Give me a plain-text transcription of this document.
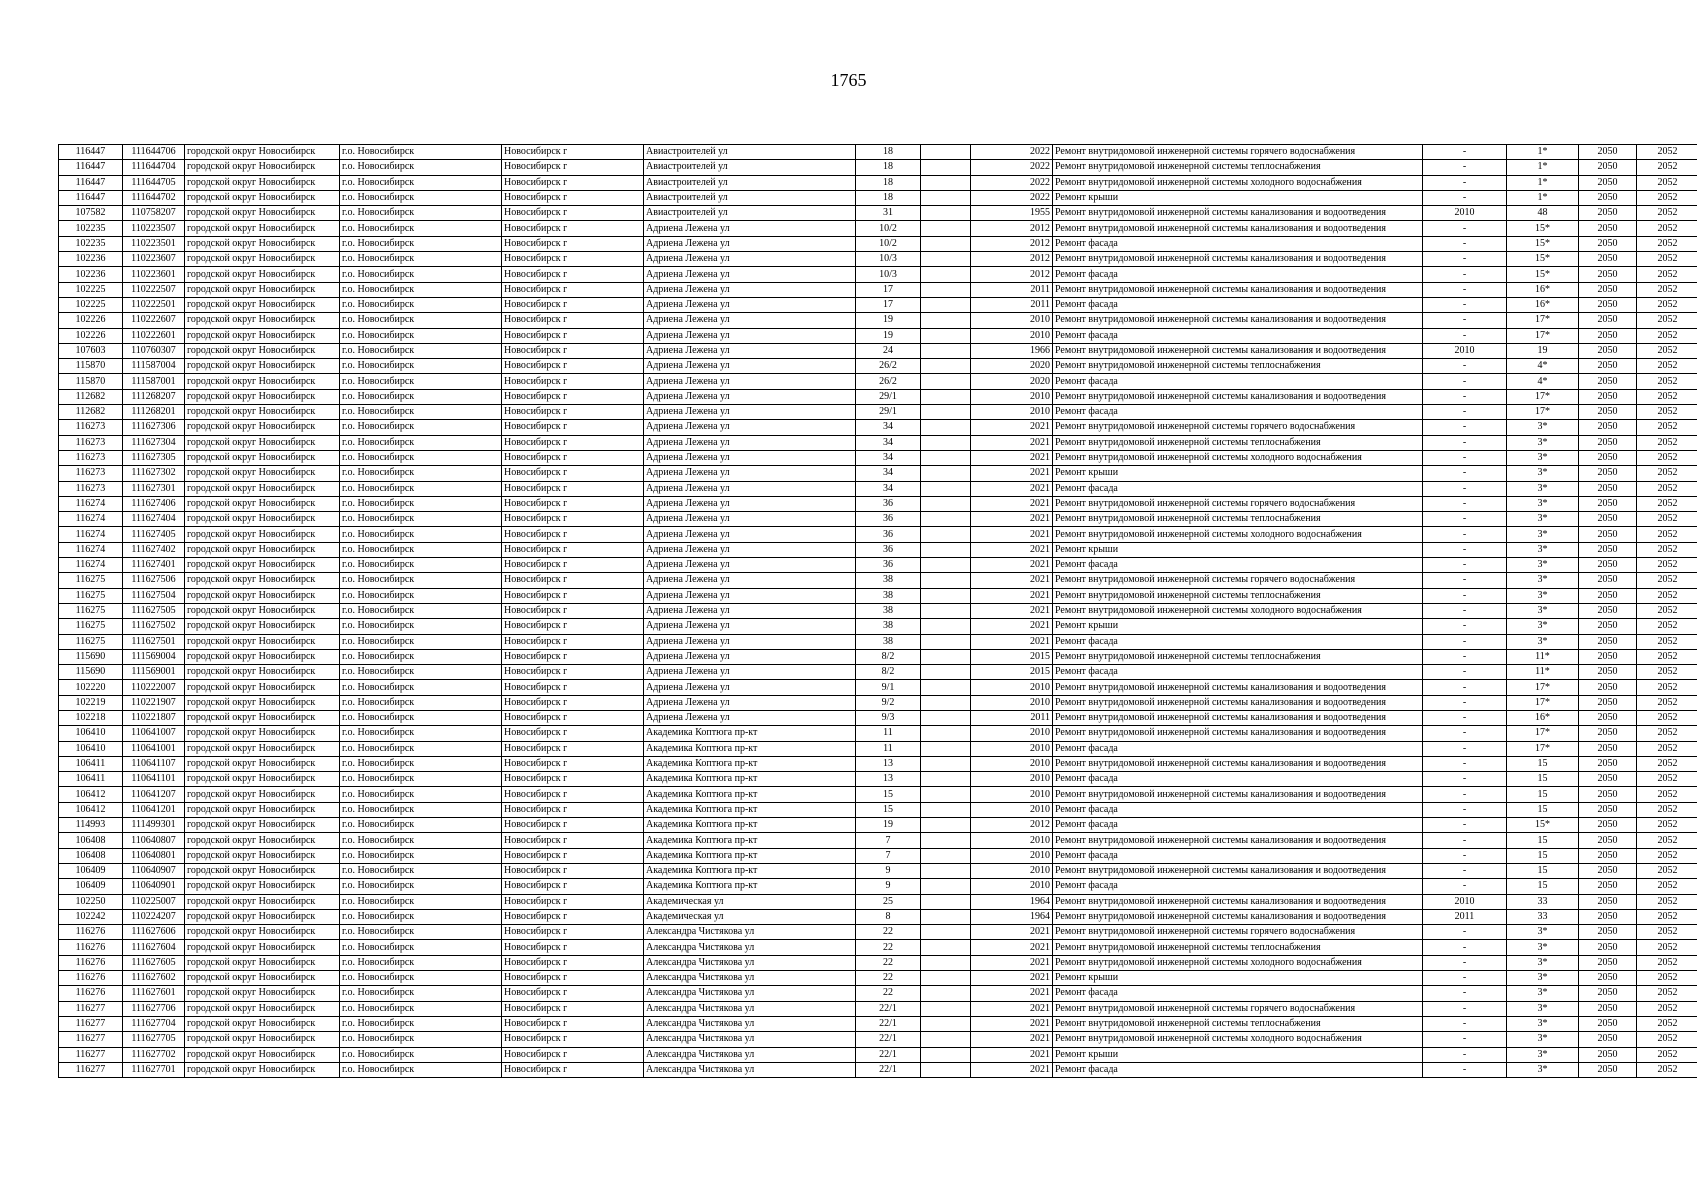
1765
116447	111644706	городской округ Новосибирск	г.о. Новосибирск	Новосибирск г	Авиастроителей ул	18		2022	Ремонт внутридомовой инженерной системы горячего водоснабжения	-	1*	2050	2052
116447	111644704	городской округ Новосибирск	г.о. Новосибирск	Новосибирск г	Авиастроителей ул	18		2022	Ремонт внутридомовой инженерной системы теплоснабжения	-	1*	2050	2052
116447	111644705	городской округ Новосибирск	г.о. Новосибирск	Новосибирск г	Авиастроителей ул	18		2022	Ремонт внутридомовой инженерной системы холодного водоснабжения	-	1*	2050	2052
116447	111644702	городской округ Новосибирск	г.о. Новосибирск	Новосибирск г	Авиастроителей ул	18		2022	Ремонт крыши	-	1*	2050	2052
107582	110758207	городской округ Новосибирск	г.о. Новосибирск	Новосибирск г	Авиастроителей ул	31		1955	Ремонт внутридомовой инженерной системы канализования и водоотведения	2010	48	2050	2052
102235	110223507	городской округ Новосибирск	г.о. Новосибирск	Новосибирск г	Адриена Лежена ул	10/2		2012	Ремонт внутридомовой инженерной системы канализования и водоотведения	-	15*	2050	2052
102235	110223501	городской округ Новосибирск	г.о. Новосибирск	Новосибирск г	Адриена Лежена ул	10/2		2012	Ремонт фасада	-	15*	2050	2052
102236	110223607	городской округ Новосибирск	г.о. Новосибирск	Новосибирск г	Адриена Лежена ул	10/3		2012	Ремонт внутридомовой инженерной системы канализования и водоотведения	-	15*	2050	2052
102236	110223601	городской округ Новосибирск	г.о. Новосибирск	Новосибирск г	Адриена Лежена ул	10/3		2012	Ремонт фасада	-	15*	2050	2052
102225	110222507	городской округ Новосибирск	г.о. Новосибирск	Новосибирск г	Адриена Лежена ул	17		2011	Ремонт внутридомовой инженерной системы канализования и водоотведения	-	16*	2050	2052
102225	110222501	городской округ Новосибирск	г.о. Новосибирск	Новосибирск г	Адриена Лежена ул	17		2011	Ремонт фасада	-	16*	2050	2052
102226	110222607	городской округ Новосибирск	г.о. Новосибирск	Новосибирск г	Адриена Лежена ул	19		2010	Ремонт внутридомовой инженерной системы канализования и водоотведения	-	17*	2050	2052
102226	110222601	городской округ Новосибирск	г.о. Новосибирск	Новосибирск г	Адриена Лежена ул	19		2010	Ремонт фасада	-	17*	2050	2052
107603	110760307	городской округ Новосибирск	г.о. Новосибирск	Новосибирск г	Адриена Лежена ул	24		1966	Ремонт внутридомовой инженерной системы канализования и водоотведения	2010	19	2050	2052
115870	111587004	городской округ Новосибирск	г.о. Новосибирск	Новосибирск г	Адриена Лежена ул	26/2		2020	Ремонт внутридомовой инженерной системы теплоснабжения	-	4*	2050	2052
115870	111587001	городской округ Новосибирск	г.о. Новосибирск	Новосибирск г	Адриена Лежена ул	26/2		2020	Ремонт фасада	-	4*	2050	2052
112682	111268207	городской округ Новосибирск	г.о. Новосибирск	Новосибирск г	Адриена Лежена ул	29/1		2010	Ремонт внутридомовой инженерной системы канализования и водоотведения	-	17*	2050	2052
112682	111268201	городской округ Новосибирск	г.о. Новосибирск	Новосибирск г	Адриена Лежена ул	29/1		2010	Ремонт фасада	-	17*	2050	2052
116273	111627306	городской округ Новосибирск	г.о. Новосибирск	Новосибирск г	Адриена Лежена ул	34		2021	Ремонт внутридомовой инженерной системы горячего водоснабжения	-	3*	2050	2052
116273	111627304	городской округ Новосибирск	г.о. Новосибирск	Новосибирск г	Адриена Лежена ул	34		2021	Ремонт внутридомовой инженерной системы теплоснабжения	-	3*	2050	2052
116273	111627305	городской округ Новосибирск	г.о. Новосибирск	Новосибирск г	Адриена Лежена ул	34		2021	Ремонт внутридомовой инженерной системы холодного водоснабжения	-	3*	2050	2052
116273	111627302	городской округ Новосибирск	г.о. Новосибирск	Новосибирск г	Адриена Лежена ул	34		2021	Ремонт крыши	-	3*	2050	2052
116273	111627301	городской округ Новосибирск	г.о. Новосибирск	Новосибирск г	Адриена Лежена ул	34		2021	Ремонт фасада	-	3*	2050	2052
116274	111627406	городской округ Новосибирск	г.о. Новосибирск	Новосибирск г	Адриена Лежена ул	36		2021	Ремонт внутридомовой инженерной системы горячего водоснабжения	-	3*	2050	2052
116274	111627404	городской округ Новосибирск	г.о. Новосибирск	Новосибирск г	Адриена Лежена ул	36		2021	Ремонт внутридомовой инженерной системы теплоснабжения	-	3*	2050	2052
116274	111627405	городской округ Новосибирск	г.о. Новосибирск	Новосибирск г	Адриена Лежена ул	36		2021	Ремонт внутридомовой инженерной системы холодного водоснабжения	-	3*	2050	2052
116274	111627402	городской округ Новосибирск	г.о. Новосибирск	Новосибирск г	Адриена Лежена ул	36		2021	Ремонт крыши	-	3*	2050	2052
116274	111627401	городской округ Новосибирск	г.о. Новосибирск	Новосибирск г	Адриена Лежена ул	36		2021	Ремонт фасада	-	3*	2050	2052
116275	111627506	городской округ Новосибирск	г.о. Новосибирск	Новосибирск г	Адриена Лежена ул	38		2021	Ремонт внутридомовой инженерной системы горячего водоснабжения	-	3*	2050	2052
116275	111627504	городской округ Новосибирск	г.о. Новосибирск	Новосибирск г	Адриена Лежена ул	38		2021	Ремонт внутридомовой инженерной системы теплоснабжения	-	3*	2050	2052
116275	111627505	городской округ Новосибирск	г.о. Новосибирск	Новосибирск г	Адриена Лежена ул	38		2021	Ремонт внутридомовой инженерной системы холодного водоснабжения	-	3*	2050	2052
116275	111627502	городской округ Новосибирск	г.о. Новосибирск	Новосибирск г	Адриена Лежена ул	38		2021	Ремонт крыши	-	3*	2050	2052
116275	111627501	городской округ Новосибирск	г.о. Новосибирск	Новосибирск г	Адриена Лежена ул	38		2021	Ремонт фасада	-	3*	2050	2052
115690	111569004	городской округ Новосибирск	г.о. Новосибирск	Новосибирск г	Адриена Лежена ул	8/2		2015	Ремонт внутридомовой инженерной системы теплоснабжения	-	11*	2050	2052
115690	111569001	городской округ Новосибирск	г.о. Новосибирск	Новосибирск г	Адриена Лежена ул	8/2		2015	Ремонт фасада	-	11*	2050	2052
102220	110222007	городской округ Новосибирск	г.о. Новосибирск	Новосибирск г	Адриена Лежена ул	9/1		2010	Ремонт внутридомовой инженерной системы канализования и водоотведения	-	17*	2050	2052
102219	110221907	городской округ Новосибирск	г.о. Новосибирск	Новосибирск г	Адриена Лежена ул	9/2		2010	Ремонт внутридомовой инженерной системы канализования и водоотведения	-	17*	2050	2052
102218	110221807	городской округ Новосибирск	г.о. Новосибирск	Новосибирск г	Адриена Лежена ул	9/3		2011	Ремонт внутридомовой инженерной системы канализования и водоотведения	-	16*	2050	2052
106410	110641007	городской округ Новосибирск	г.о. Новосибирск	Новосибирск г	Академика Коптюга пр-кт	11		2010	Ремонт внутридомовой инженерной системы канализования и водоотведения	-	17*	2050	2052
106410	110641001	городской округ Новосибирск	г.о. Новосибирск	Новосибирск г	Академика Коптюга пр-кт	11		2010	Ремонт фасада	-	17*	2050	2052
106411	110641107	городской округ Новосибирск	г.о. Новосибирск	Новосибирск г	Академика Коптюга пр-кт	13		2010	Ремонт внутридомовой инженерной системы канализования и водоотведения	-	15	2050	2052
106411	110641101	городской округ Новосибирск	г.о. Новосибирск	Новосибирск г	Академика Коптюга пр-кт	13		2010	Ремонт фасада	-	15	2050	2052
106412	110641207	городской округ Новосибирск	г.о. Новосибирск	Новосибирск г	Академика Коптюга пр-кт	15		2010	Ремонт внутридомовой инженерной системы канализования и водоотведения	-	15	2050	2052
106412	110641201	городской округ Новосибирск	г.о. Новосибирск	Новосибирск г	Академика Коптюга пр-кт	15		2010	Ремонт фасада	-	15	2050	2052
114993	111499301	городской округ Новосибирск	г.о. Новосибирск	Новосибирск г	Академика Коптюга пр-кт	19		2012	Ремонт фасада	-	15*	2050	2052
106408	110640807	городской округ Новосибирск	г.о. Новосибирск	Новосибирск г	Академика Коптюга пр-кт	7		2010	Ремонт внутридомовой инженерной системы канализования и водоотведения	-	15	2050	2052
106408	110640801	городской округ Новосибирск	г.о. Новосибирск	Новосибирск г	Академика Коптюга пр-кт	7		2010	Ремонт фасада	-	15	2050	2052
106409	110640907	городской округ Новосибирск	г.о. Новосибирск	Новосибирск г	Академика Коптюга пр-кт	9		2010	Ремонт внутридомовой инженерной системы канализования и водоотведения	-	15	2050	2052
106409	110640901	городской округ Новосибирск	г.о. Новосибирск	Новосибирск г	Академика Коптюга пр-кт	9		2010	Ремонт фасада	-	15	2050	2052
102250	110225007	городской округ Новосибирск	г.о. Новосибирск	Новосибирск г	Академическая ул	25		1964	Ремонт внутридомовой инженерной системы канализования и водоотведения	2010	33	2050	2052
102242	110224207	городской округ Новосибирск	г.о. Новосибирск	Новосибирск г	Академическая ул	8		1964	Ремонт внутридомовой инженерной системы канализования и водоотведения	2011	33	2050	2052
116276	111627606	городской округ Новосибирск	г.о. Новосибирск	Новосибирск г	Александра Чистякова ул	22		2021	Ремонт внутридомовой инженерной системы горячего водоснабжения	-	3*	2050	2052
116276	111627604	городской округ Новосибирск	г.о. Новосибирск	Новосибирск г	Александра Чистякова ул	22		2021	Ремонт внутридомовой инженерной системы теплоснабжения	-	3*	2050	2052
116276	111627605	городской округ Новосибирск	г.о. Новосибирск	Новосибирск г	Александра Чистякова ул	22		2021	Ремонт внутридомовой инженерной системы холодного водоснабжения	-	3*	2050	2052
116276	111627602	городской округ Новосибирск	г.о. Новосибирск	Новосибирск г	Александра Чистякова ул	22		2021	Ремонт крыши	-	3*	2050	2052
116276	111627601	городской округ Новосибирск	г.о. Новосибирск	Новосибирск г	Александра Чистякова ул	22		2021	Ремонт фасада	-	3*	2050	2052
116277	111627706	городской округ Новосибирск	г.о. Новосибирск	Новосибирск г	Александра Чистякова ул	22/1		2021	Ремонт внутридомовой инженерной системы горячего водоснабжения	-	3*	2050	2052
116277	111627704	городской округ Новосибирск	г.о. Новосибирск	Новосибирск г	Александра Чистякова ул	22/1		2021	Ремонт внутридомовой инженерной системы теплоснабжения	-	3*	2050	2052
116277	111627705	городской округ Новосибирск	г.о. Новосибирск	Новосибирск г	Александра Чистякова ул	22/1		2021	Ремонт внутридомовой инженерной системы холодного водоснабжения	-	3*	2050	2052
116277	111627702	городской округ Новосибирск	г.о. Новосибирск	Новосибирск г	Александра Чистякова ул	22/1		2021	Ремонт крыши	-	3*	2050	2052
116277	111627701	городской округ Новосибирск	г.о. Новосибирск	Новосибирск г	Александра Чистякова ул	22/1		2021	Ремонт фасада	-	3*	2050	2052
